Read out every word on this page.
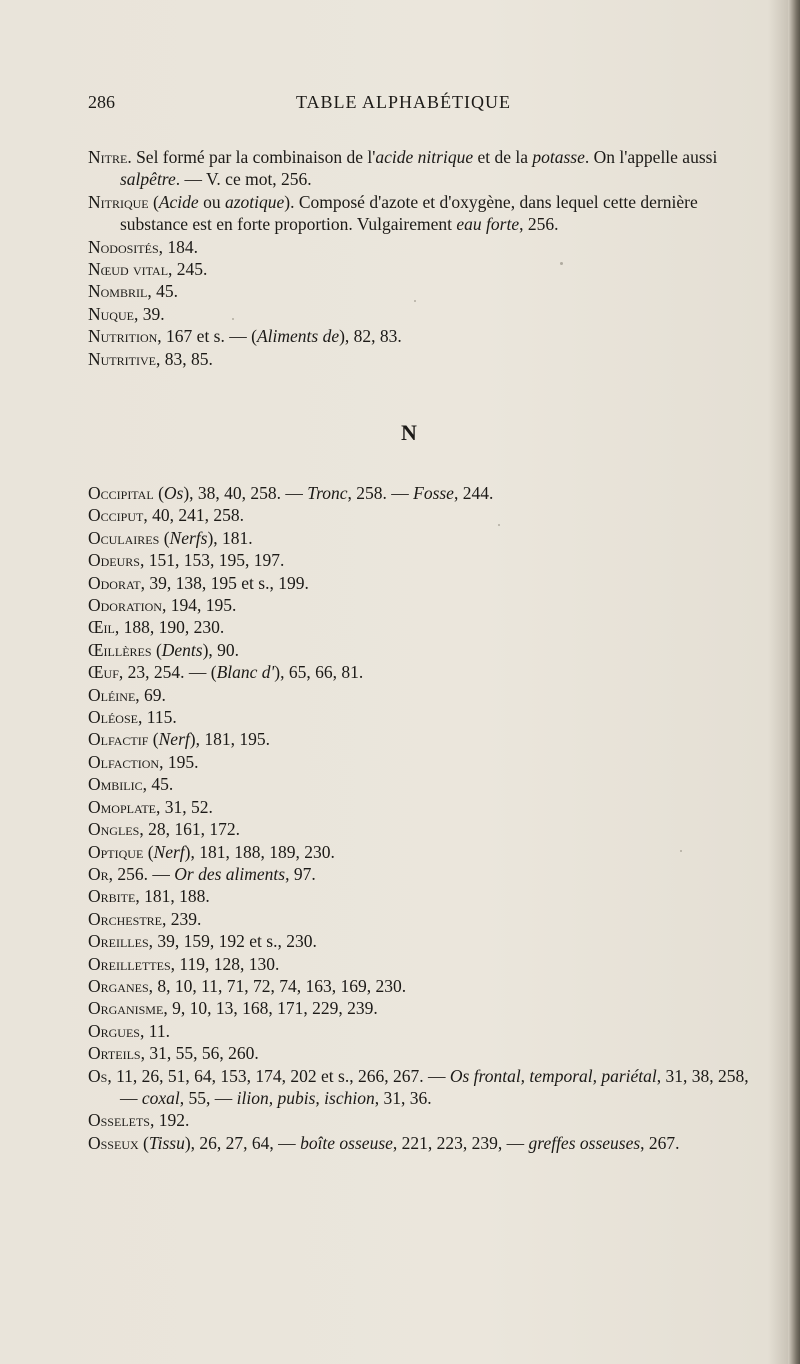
286	TABLE ALPHABÉTIQUE

Nitre. Sel formé par la combinaison de l'acide nitrique et de la potasse. On l'appelle aussi salpêtre. — V. ce mot, 256.

Nitrique (Acide ou azotique). Composé d'azote et d'oxygène, dans lequel cette dernière substance est en forte proportion. Vulgairement eau forte, 256.

Nodosités, 184.

Nœud vital, 245.

Nombril, 45.

Nuque, 39.

Nutrition, 167 et s. — (Aliments de), 82, 83.

Nutritive, 83, 85.

N

Occipital (Os), 38, 40, 258. — Tronc, 258. — Fosse, 244.

Occiput, 40, 241, 258.

Oculaires (Nerfs), 181.

Odeurs, 151, 153, 195, 197.

Odorat, 39, 138, 195 et s., 199.

Odoration, 194, 195.

Œil, 188, 190, 230.

Œillères (Dents), 90.

Œuf, 23, 254. — (Blanc d'), 65, 66, 81.

Oléine, 69.

Oléose, 115.

Olfactif (Nerf), 181, 195.

Olfaction, 195.

Ombilic, 45.

Omoplate, 31, 52.

Ongles, 28, 161, 172.

Optique (Nerf), 181, 188, 189, 230.

Or, 256. — Or des aliments, 97.

Orbite, 181, 188.

Orchestre, 239.

Oreilles, 39, 159, 192 et s., 230.

Oreillettes, 119, 128, 130.

Organes, 8, 10, 11, 71, 72, 74, 163, 169, 230.

Organisme, 9, 10, 13, 168, 171, 229, 239.

Orgues, 11.

Orteils, 31, 55, 56, 260.

Os, 11, 26, 51, 64, 153, 174, 202 et s., 266, 267. — Os frontal, temporal, pariétal, 31, 38, 258, — coxal, 55, — ilion, pubis, ischion, 31, 36.

Osselets, 192.

Osseux (Tissu), 26, 27, 64, — boîte osseuse, 221, 223, 239, — greffes osseuses, 267.
